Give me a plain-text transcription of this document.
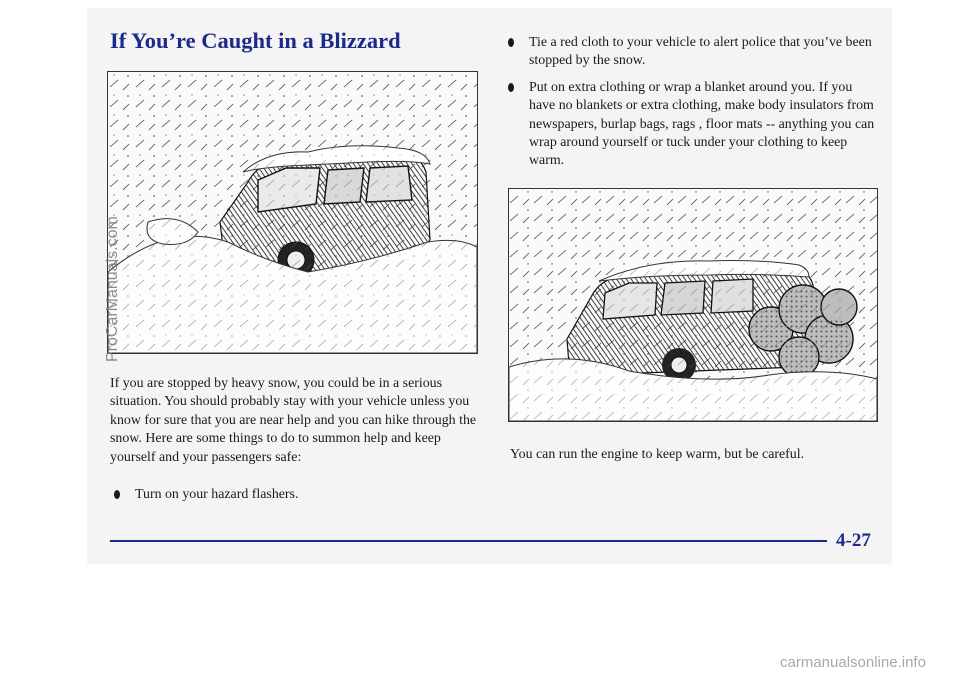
If You’re Caught in a Blizzard

If you are stopped by heavy snow, you could be in a serious situation. You should probably stay with your vehicle unless you know for sure that you are near help and you can hike through the snow. Here are some things to do to summon help and keep yourself and your passengers safe:

Turn on your hazard flashers.
Tie a red cloth to your vehicle to alert police that you’ve been stopped by the snow.
Put on extra clothing or wrap a blanket around you. If you have no blankets or extra clothing, make body insulators from newspapers, burlap bags, rags , floor mats -- anything you can wrap around yourself or tuck under your clothing to keep warm.

You can run the engine to keep warm, but be careful.

4-27

carmanualsonline.info
